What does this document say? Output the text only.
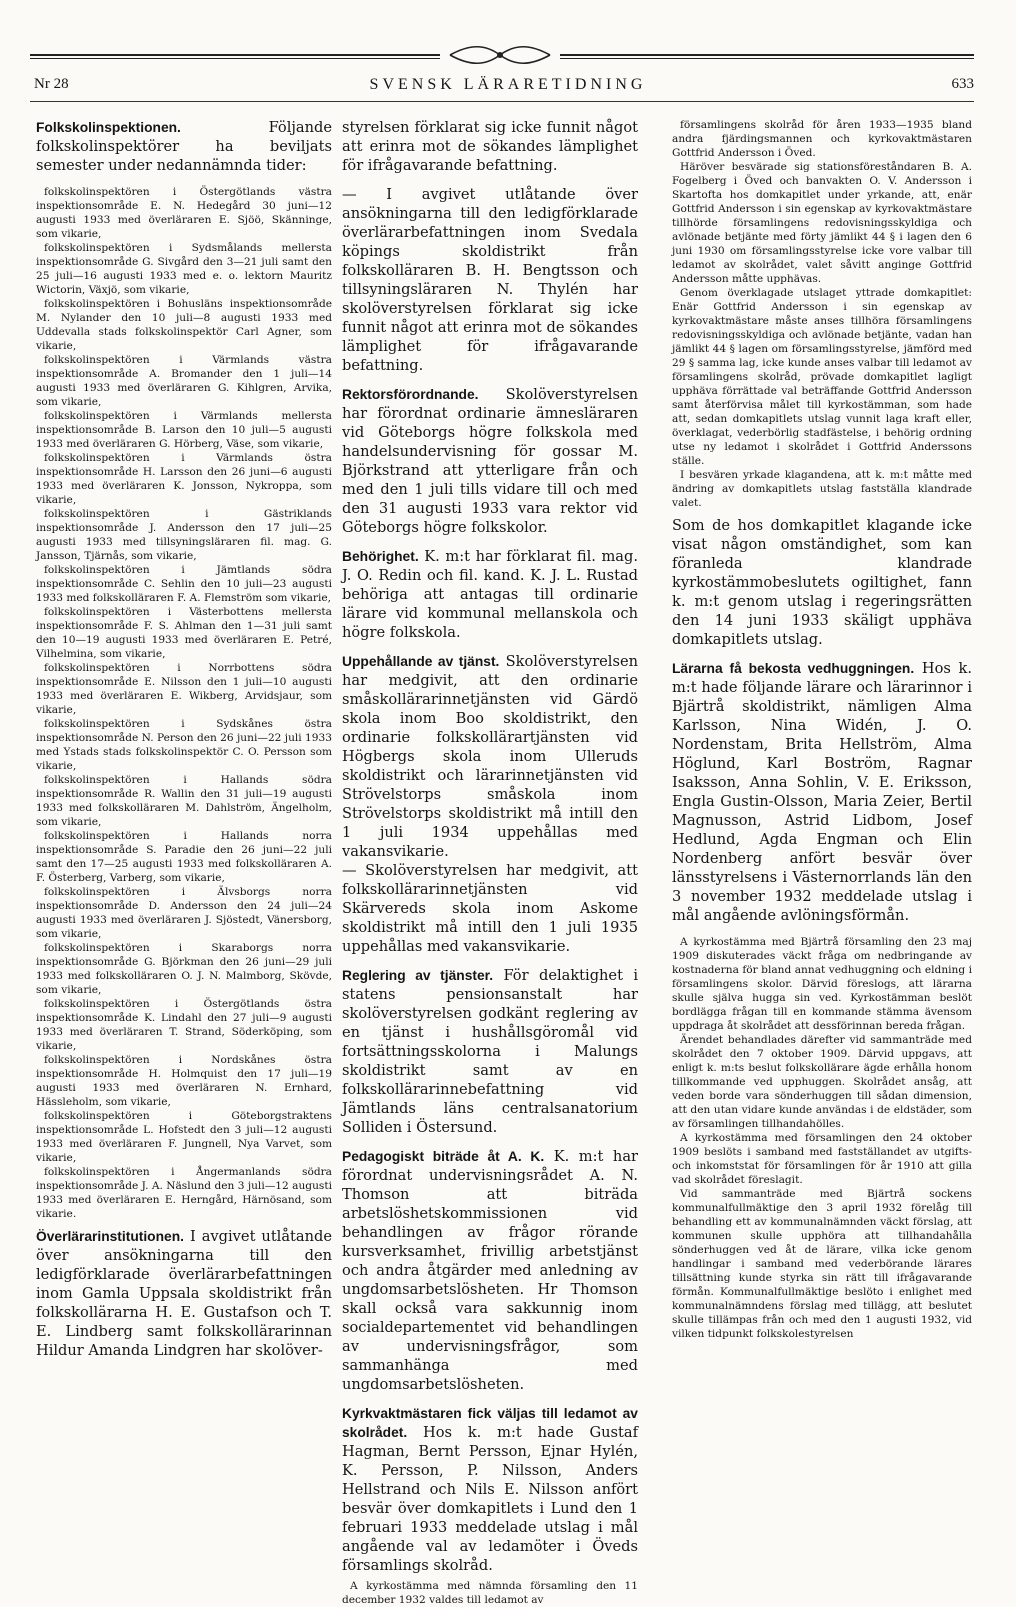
Nr 28	SVENSK LÄRARETIDNING	633

Folkskolinspektionen.	Följande folkskolinspektörer ha beviljats semester under nedannämnda tider:

folkskolinspektören i Östergötlands västra inspektionsområde E. N. Hedegård 30 juni—12 augusti 1933 med överläraren E. Sjöö, Skänninge, som vikarie,

folkskolinspektören i Sydsmålands mellersta inspektionsområde G. Sivgård den 3—21 juli samt den 25 juli—16 augusti 1933 med e. o. lektorn Mauritz Wictorin, Växjö, som vikarie,

folkskolinspektören i Bohusläns inspektionsområde M. Nylander den 10 juli—8 augusti 1933 med Uddevalla stads folkskolinspektör Carl Agner, som vikarie,

folkskolinspektören i Värmlands västra inspektionsområde A. Bromander den 1 juli—14 augusti 1933 med överläraren G. Kihlgren, Arvika, som vikarie,

folkskolinspektören i Värmlands mellersta inspektionsområde B. Larson den 10 juli—5 augusti 1933 med överläraren G. Hörberg, Väse, som vikarie,

folkskolinspektören i Värmlands östra inspektionsområde H. Larsson den 26 juni—6 augusti 1933 med överläraren K. Jonsson, Nykroppa, som vikarie,

folkskolinspektören i Gästriklands inspektionsområde J. Andersson den 17 juli—25 augusti 1933 med tillsyningsläraren fil. mag. G. Jansson, Tjärnås, som vikarie,

folkskolinspektören i Jämtlands södra inspektionsområde C. Sehlin den 10 juli—23 augusti 1933 med folkskolläraren F. A. Flemström som vikarie,

folkskolinspektören i Västerbottens mellersta inspektionsområde F. S. Ahlman den 1—31 juli samt den 10—19 augusti 1933 med överläraren E. Petré, Vilhelmina, som vikarie,

folkskolinspektören i Norrbottens södra inspektionsområde E. Nilsson den 1 juli—10 augusti 1933 med överläraren E. Wikberg, Arvidsjaur, som vikarie,

folkskolinspektören i Sydskånes östra inspektionsområde N. Person den 26 juni—22 juli 1933 med Ystads stads folkskolinspektör C. O. Persson som vikarie,

folkskolinspektören i Hallands södra inspektionsområde R. Wallin den 31 juli—19 augusti 1933 med folkskolläraren M. Dahlström, Ängelholm, som vikarie,

folkskolinspektören i Hallands norra inspektionsområde S. Paradie den 26 juni—22 juli samt den 17—25 augusti 1933 med folkskolläraren A. F. Österberg, Varberg, som vikarie,

folkskolinspektören i Älvsborgs norra inspektionsområde D. Andersson den 24 juli—24 augusti 1933 med överläraren J. Sjöstedt, Vänersborg, som vikarie,

folkskolinspektören i Skaraborgs norra inspektionsområde G. Björkman den 26 juni—29 juli 1933 med folkskolläraren O. J. N. Malmborg, Skövde, som vikarie,

folkskolinspektören i Östergötlands östra inspektionsområde K. Lindahl den 27 juli—9 augusti 1933 med överläraren T. Strand, Söderköping, som vikarie,

folkskolinspektören i Nordskånes östra inspektionsområde H. Holmquist den 17 juli—19 augusti 1933 med överläraren N. Ernhard, Hässleholm, som vikarie,

folkskolinspektören i Göteborgstraktens inspektionsområde L. Hofstedt den 3 juli—12 augusti 1933 med överläraren F. Jungnell, Nya Varvet, som vikarie,

folkskolinspektören i Ångermanlands södra inspektionsområde J. A. Näslund den 3 juli—12 augusti 1933 med överläraren E. Herngård, Härnösand, som vikarie.

Överlärarinstitutionen. I avgivet utlåtande över ansökningarna till den ledigförklarade överlärarbefattningen inom Gamla Uppsala skoldistrikt från folkskollärarna H. E. Gustafson och T. E. Lindberg samt folkskollärarinnan Hildur Amanda Lindgren har skolöver-

styrelsen förklarat sig icke funnit något att erinra mot de sökandes lämplighet för ifrågavarande befattning.

— I avgivet utlåtande över ansökningarna till den ledigförklarade överlärarbefattningen inom Svedala köpings skoldistrikt från folkskolläraren B. H. Bengtsson och tillsyningsläraren N. Thylén har skolöverstyrelsen förklarat sig icke funnit något att erinra mot de sökandes lämplighet för ifrågavarande befattning.

Rektorsförordnande. Skolöverstyrelsen har förordnat ordinarie ämnesläraren vid Göteborgs högre folkskola med handelsundervisning för gossar M. Björkstrand att ytterligare från och med den 1 juli tills vidare till och med den 31 augusti 1933 vara rektor vid Göteborgs högre folkskolor.

Behörighet. K. m:t har förklarat fil. mag. J. O. Redin och fil. kand. K. J. L. Rustad behöriga att antagas till ordinarie lärare vid kommunal mellanskola och högre folkskola.

Uppehållande av tjänst. Skolöverstyrelsen har medgivit, att den ordinarie småskollärarinnetjänsten vid Gärdö skola inom Boo skoldistrikt, den ordinarie folkskollärartjänsten vid Högbergs skola inom Ulleruds skoldistrikt och lärarinnetjänsten vid Strövelstorps småskola inom Strövelstorps skoldistrikt må intill den 1 juli 1934 uppehållas med vakansvikarie.

— Skolöverstyrelsen har medgivit, att folkskollärarinnetjänsten vid Skärvereds skola inom Askome skoldistrikt må intill den 1 juli 1935 uppehållas med vakansvikarie.

Reglering av tjänster. För delaktighet i statens pensionsanstalt har skolöverstyrelsen godkänt reglering av en tjänst i hushållsgöromål vid fortsättningsskolorna i Malungs skoldistrikt samt av en folkskollärarinnebefattning vid Jämtlands läns centralsanatorium Solliden i Östersund.

Pedagogiskt biträde åt A. K. K. m:t har förordnat undervisningsrådet A. N. Thomson att biträda arbetslöshetskommissionen vid behandlingen av frågor rörande kursverksamhet, frivillig arbetstjänst och andra åtgärder med anledning av ungdomsarbetslösheten. Hr Thomson skall också vara sakkunnig inom socialdepartementet vid behandlingen av undervisningsfrågor, som sammanhänga med ungdomsarbetslösheten.

Kyrkvaktmästaren fick väljas till ledamot av skolrådet. Hos k. m:t hade Gustaf Hagman, Bernt Persson, Ejnar Hylén, K. Persson, P. Nilsson, Anders Hellstrand och Nils E. Nilsson anfört besvär över domkapitlets i Lund den 1 februari 1933 meddelade utslag i mål angående val av ledamöter i Öveds församlings skolråd.

A kyrkostämma med nämnda församling den 11 december 1932 valdes till ledamot av

församlingens skolråd för åren 1933—1935 bland andra fjärdingsmannen och kyrkovaktmästaren Gottfrid Andersson i Öved.

Häröver besvärade sig stationsföreståndaren B. A. Fogelberg i Öved och banvakten O. V. Andersson i Skartofta hos domkapitlet under yrkande, att, enär Gottfrid Andersson i sin egenskap av kyrkovaktmästare tillhörde församlingens redovisningsskyldiga och avlönade betjänte med förty jämlikt 44 § i lagen den 6 juni 1930 om församlingsstyrelse icke vore valbar till ledamot av skolrådet, valet såvitt anginge Gottfrid Andersson måtte upphävas.

Genom överklagade utslaget yttrade domkapitlet: Enär Gottfrid Andersson i sin egenskap av kyrkovaktmästare måste anses tillhöra församlingens redovisningsskyldiga och avlönade betjänte, vadan han jämlikt 44 § lagen om församlingsstyrelse, jämförd med 29 § samma lag, icke kunde anses valbar till ledamot av församlingens skolråd, prövade domkapitlet lagligt upphäva förrättade val beträffande Gottfrid Andersson samt återförvisa målet till kyrkostämman, som hade att, sedan domkapitlets utslag vunnit laga kraft eller, överklagat, vederbörlig stadfästelse, i behörig ordning utse ny ledamot i skolrådet i Gottfrid Anderssons ställe.

I besvären yrkade klagandena, att k. m:t måtte med ändring av domkapitlets utslag fastställa klandrade valet.

Som de hos domkapitlet klagande icke visat någon omständighet, som kan föranleda klandrade kyrkostämmobeslutets ogiltighet, fann k. m:t genom utslag i regeringsrätten den 14 juni 1933 skäligt upphäva domkapitlets utslag.

Lärarna få bekosta vedhuggningen. Hos k. m:t hade följande lärare och lärarinnor i Bjärtrå skoldistrikt, nämligen Alma Karlsson, Nina Widén, J. O. Nordenstam, Brita Hellström, Alma Höglund, Karl Boström, Ragnar Isaksson, Anna Sohlin, V. E. Eriksson, Engla Gustin-Olsson, Maria Zeier, Bertil Magnusson, Astrid Lidbom, Josef Hedlund, Agda Engman och Elin Nordenberg anfört besvär över länsstyrelsens i Västernorrlands län den 3 november 1932 meddelade utslag i mål angående avlöningsförmån.

A kyrkostämma med Bjärtrå församling den 23 maj 1909 diskuterades väckt fråga om nedbringande av kostnaderna för bland annat vedhuggning och eldning i församlingens skolor. Därvid föreslogs, att lärarna skulle själva hugga sin ved. Kyrkostämman beslöt bordlägga frågan till en kommande stämma ävensom uppdraga åt skolrådet att dessförinnan bereda frågan.

Ärendet behandlades därefter vid sammanträde med skolrådet den 7 oktober 1909. Därvid uppgavs, att enligt k. m:ts beslut folkskollärare ägde erhålla honom tillkommande ved upphuggen. Skolrådet ansåg, att veden borde vara sönderhuggen till sådan dimension, att den utan vidare kunde användas i de eldstäder, som av församlingen tillhandahölles.

A kyrkostämma med församlingen den 24 oktober 1909 beslöts i samband med fastställandet av utgifts- och inkomststat för församlingen för år 1910 att gilla vad skolrådet föreslagit.

Vid sammanträde med Bjärtrå sockens kommunalfullmäktige den 3 april 1932 förelåg till behandling ett av kommunalnämnden väckt förslag, att kommunen skulle upphöra att tillhandahålla sönderhuggen ved åt de lärare, vilka icke genom handlingar i samband med vederbörande lärares tillsättning kunde styrka sin rätt till ifrågavarande förmån. Kommunalfullmäktige beslöto i enlighet med kommunalnämndens förslag med tillägg, att beslutet skulle tillämpas från och med den 1 augusti 1932, vid vilken tidpunkt folkskolestyrelsen
